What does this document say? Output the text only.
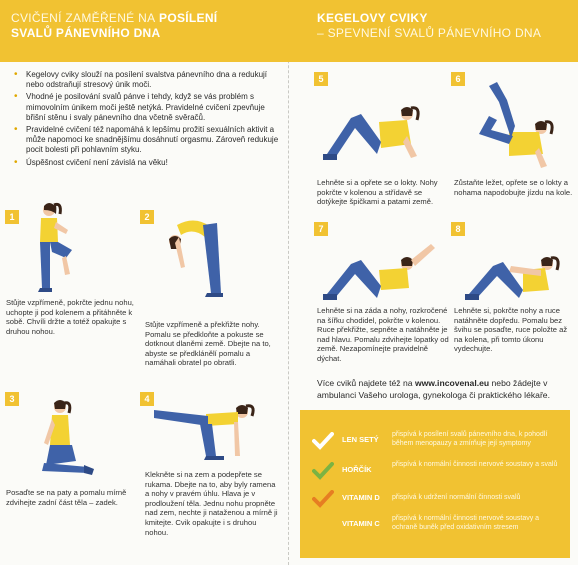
CVIČENÍ ZAMĚŘENÉ NA POSÍLENÍ
SVALŮ PÁNEVNÍHO DNA
• Kegelovy cviky slouží na posílení svalstva pánevního dna a redukují nebo odstraňují stresový únik moči.
• Vhodné je posilování svalů pánve i tehdy, když se vás problém s mimovolním únikem moči ještě netýká. Pravidelné cvičení zpevňuje břišní stěnu i svaly pánevního dna včetně svěračů.
• Pravidelné cvičení též napomáhá k lepšímu prožití sexuálních aktivit a může napomoci ke snadnějšímu dosáhnutí orgasmu. Zároveň redukuje pocit bolesti při pohlavním styku.
• Úspěšnost cvičení není závislá na věku!
1
Stůjte vzpřímeně, pokrčte jednu nohu, uchopte ji pod kolenem a přitáhněte k sobě. Chvíli držte a totéž opakujte s druhou nohou.
2
Stůjte vzpřímeně a překřižte nohy. Pomalu se předkloňte a pokuste se dotknout dlaněmi země. Dbejte na to, abyste se předklánělí pomalu a namáhali obratel po obratli.
3
Posaďte se na paty a pomalu mírně zdvihejte zadní část těla – zadek.
4
Klekněte si na zem a podepřete se rukama. Dbejte na to, aby byly ramena a nohy v pravém úhlu. Hlava je v prodloužení těla. Jednu nohu propněte nad zem, nechte ji nataženou a mírně ji kmitejte. Cvik opakujte i s druhou nohou.
KEGELOVY CVIKY
– SPEVNENÍ SVALŮ PÁNEVNÍHO DNA
5
Lehněte si a opřete se o lokty. Nohy pokrčte v kolenou a střídavě se dotýkejte špičkami a patami země.
6
Zůstaňte ležet, opřete se o lokty a nohama napodobujte jízdu na kole.
7
Lehněte si na záda a nohy, rozkročené na šířku chodidel, pokrčte v kolenou. Ruce překřižte, sepněte a natáhněte je nad hlavu. Pomalu zdvihejte lopatky od země. Nezapomínejte pravidelně dýchat.
8
Lehněte si, pokrčte nohy a ruce natáhněte dopředu. Pomalu bez švihu se posaďte, ruce položte až na kolena, při tomto úkonu vydechujte.
Více cviků najdete též na www.incovenal.eu nebo žádejte v ambulanci Vašeho urologa, gynekologa či praktického lékaře.
LEN SETÝ
přispívá k posílení svalů pánevního dna, k pohodlí během menopauzy a zmírňuje její symptomy
HOŘČÍK
přispívá k normální činnosti nervové soustavy a svalů
VITAMIN D přispívá k udržení normální činnosti svalů
VITAMIN C
přispívá k normální činnosti nervové soustavy a ochraně buněk před oxidativním stresem
